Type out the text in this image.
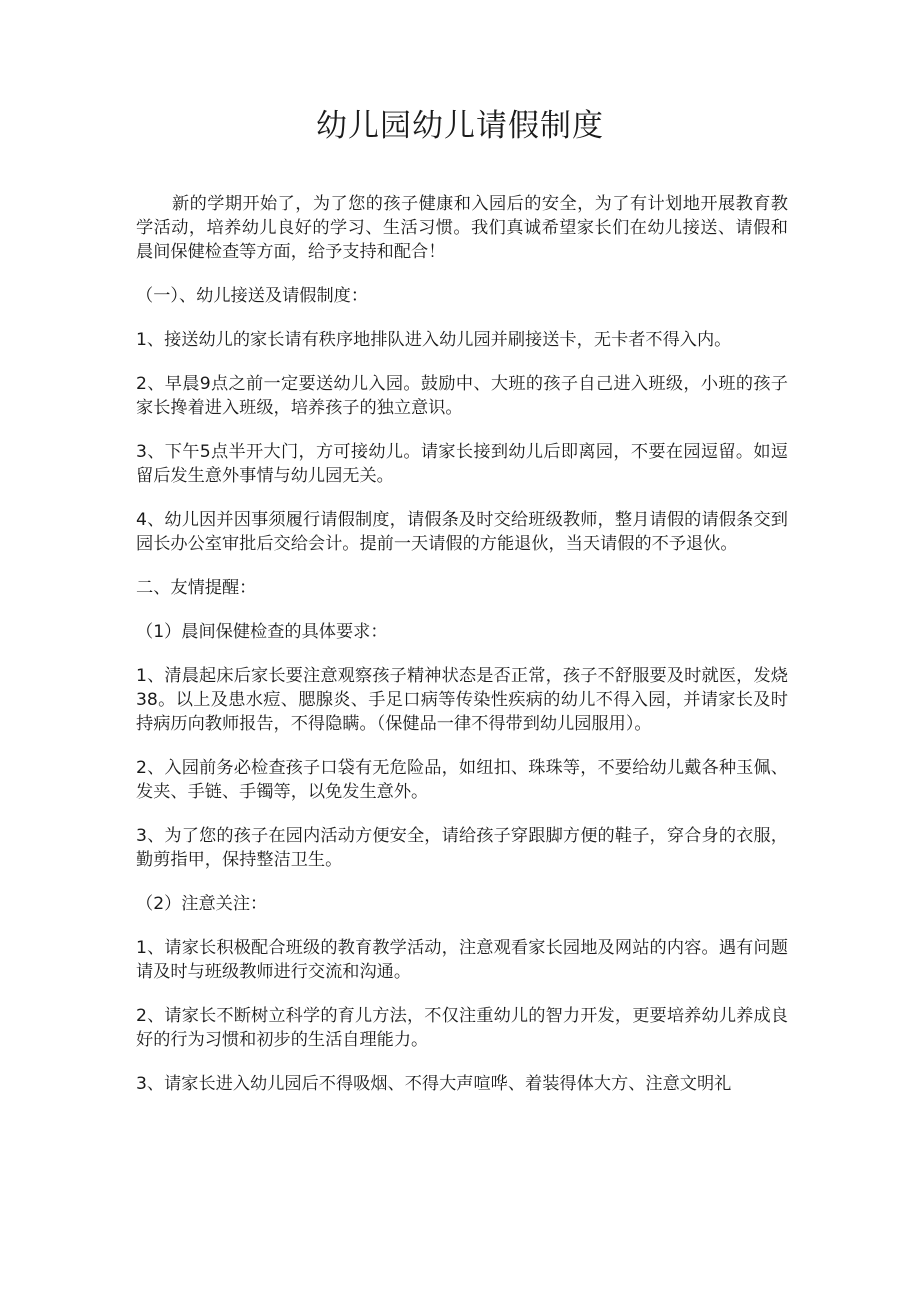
幼儿园幼儿请假制度

新的学期开始了，为了您的孩子健康和入园后的安全，为了有计划地开展教育教学活动，培养幼儿良好的学习、生活习惯。我们真诚希望家长们在幼儿接送、请假和晨间保健检查等方面，给予支持和配合！

（一）、幼儿接送及请假制度：

1、接送幼儿的家长请有秩序地排队进入幼儿园并刷接送卡，无卡者不得入内。

2、早晨9点之前一定要送幼儿入园。鼓励中、大班的孩子自己进入班级，小班的孩子家长搀着进入班级，培养孩子的独立意识。

3、下午5点半开大门，方可接幼儿。请家长接到幼儿后即离园，不要在园逗留。如逗留后发生意外事情与幼儿园无关。

4、幼儿因并因事须履行请假制度，请假条及时交给班级教师，整月请假的请假条交到园长办公室审批后交给会计。提前一天请假的方能退伙，当天请假的不予退伙。

二、友情提醒：

（1）晨间保健检查的具体要求：

1、清晨起床后家长要注意观察孩子精神状态是否正常，孩子不舒服要及时就医，发烧38。以上及患水痘、腮腺炎、手足口病等传染性疾病的幼儿不得入园，并请家长及时持病历向教师报告，不得隐瞒。（保健品一律不得带到幼儿园服用）。

2、入园前务必检查孩子口袋有无危险品，如纽扣、珠珠等，不要给幼儿戴各种玉佩、发夹、手链、手镯等，以免发生意外。

3、为了您的孩子在园内活动方便安全，请给孩子穿跟脚方便的鞋子，穿合身的衣服，勤剪指甲，保持整洁卫生。

（2）注意关注：

1、请家长积极配合班级的教育教学活动，注意观看家长园地及网站的内容。遇有问题请及时与班级教师进行交流和沟通。

2、请家长不断树立科学的育儿方法，不仅注重幼儿的智力开发，更要培养幼儿养成良好的行为习惯和初步的生活自理能力。

3、请家长进入幼儿园后不得吸烟、不得大声喧哗、着装得体大方、注意文明礼
